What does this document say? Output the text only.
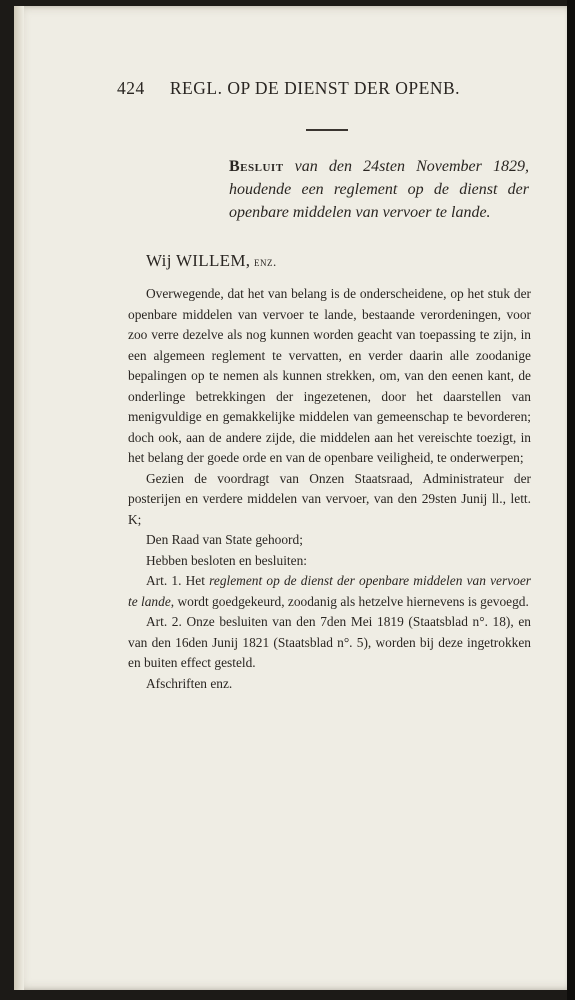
424 REGL. OP DE DIENST DER OPENB.
Besluit van den 24sten November 1829, houdende een reglement op de dienst der openbare middelen van vervoer te lande.
Wij WILLEM, enz.

Overwegende, dat het van belang is de onderscheidene, op het stuk der openbare middelen van vervoer te lande, bestaande verordeningen, voor zoo verre dezelve als nog kunnen worden geacht van toepassing te zijn, in een algemeen reglement te vervatten, en verder daarin alle zoodanige bepalingen op te nemen als kunnen strekken, om, van den eenen kant, de onderlinge betrekkingen der ingezetenen, door het daarstellen van menigvuldige en gemakkelijke middelen van gemeenschap te bevorderen; doch ook, aan de andere zijde, die middelen aan het vereischte toezigt, in het belang der goede orde en van de openbare veiligheid, te onderwerpen;

Gezien de voordragt van Onzen Staatsraad, Administrateur der posterijen en verdere middelen van vervoer, van den 29sten Junij ll., lett. K;

Den Raad van State gehoord;

Hebben besloten en besluiten:

Art. 1. Het reglement op de dienst der openbare middelen van vervoer te lande, wordt goedgekeurd, zoodanig als hetzelve hiernevens is gevoegd.

Art. 2. Onze besluiten van den 7den Mei 1819 (Staatsblad n°. 18), en van den 16den Junij 1821 (Staatsblad n°. 5), worden bij deze ingetrokken en buiten effect gesteld.

Afschriften enz.
